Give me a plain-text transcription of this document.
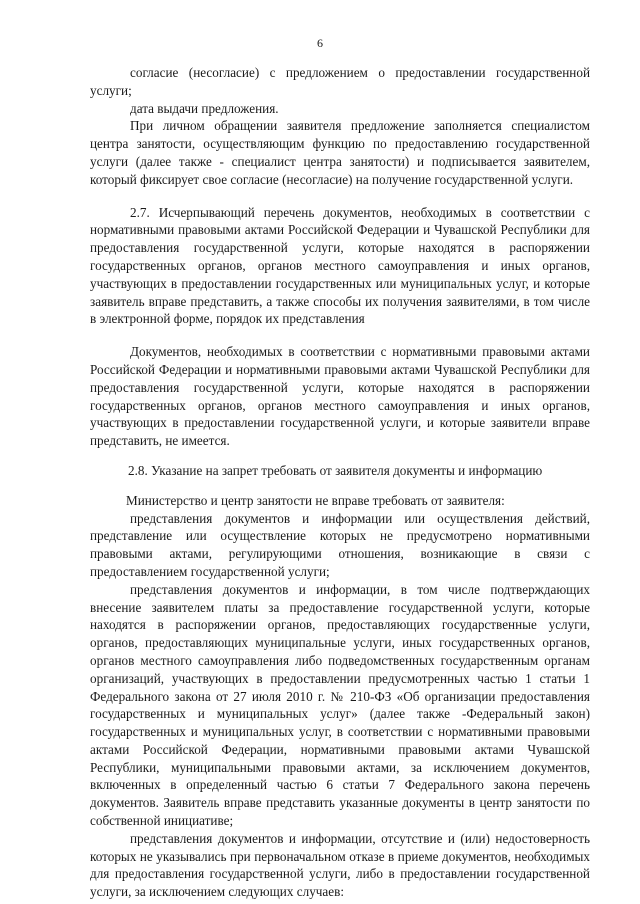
6

согласие (несогласие) с предложением о предоставлении государственной услуги;

дата выдачи предложения.

При личном обращении заявителя предложение заполняется специалистом центра занятости, осуществляющим функцию по предоставлению государственной услуги (далее также - специалист центра занятости) и подписывается заявителем, который фиксирует свое согласие (несогласие) на получение государственной услуги.

2.7. Исчерпывающий перечень документов, необходимых в соответствии с нормативными правовыми актами Российской Федерации и Чувашской Республики для предоставления государственной услуги, которые находятся в распоряжении государственных органов, органов местного самоуправления и иных органов, участвующих в предоставлении государственных или муниципальных услуг, и которые заявитель вправе представить, а также способы их получения заявителями, в том числе в электронной форме, порядок их представления

Документов, необходимых в соответствии с нормативными правовыми актами Российской Федерации и нормативными правовыми актами Чувашской Республики для предоставления государственной услуги, которые находятся в распоряжении государственных органов, органов местного самоуправления и иных органов, участвующих в предоставлении государственной услуги, и которые заявители вправе представить, не имеется.

2.8. Указание на запрет требовать от заявителя документы и информацию

Министерство и центр занятости не вправе требовать от заявителя:

представления документов и информации или осуществления действий, представление или осуществление которых не предусмотрено нормативными правовыми актами, регулирующими отношения, возникающие в связи с предоставлением государственной услуги;

представления документов и информации, в том числе подтверждающих внесение заявителем платы за предоставление государственной услуги, которые находятся в распоряжении органов, предоставляющих государственные услуги, органов, предоставляющих муниципальные услуги, иных государственных органов, органов местного самоуправления либо подведомственных государственным органам организаций, участвующих в предоставлении предусмотренных частью 1 статьи 1 Федерального закона от 27 июля 2010 г. № 210-ФЗ «Об организации предоставления государственных и муниципальных услуг» (далее также -Федеральный закон) государственных и муниципальных услуг, в соответствии с нормативными правовыми актами Российской Федерации, нормативными правовыми актами Чувашской Республики, муниципальными правовыми актами, за исключением документов, включенных в определенный частью 6 статьи 7 Федерального закона перечень документов. Заявитель вправе представить указанные документы в центр занятости по собственной инициативе;

представления документов и информации, отсутствие и (или) недостоверность которых не указывались при первоначальном отказе в приеме документов, необходимых для предоставления государственной услуги, либо в предоставлении государственной услуги, за исключением следующих случаев:
